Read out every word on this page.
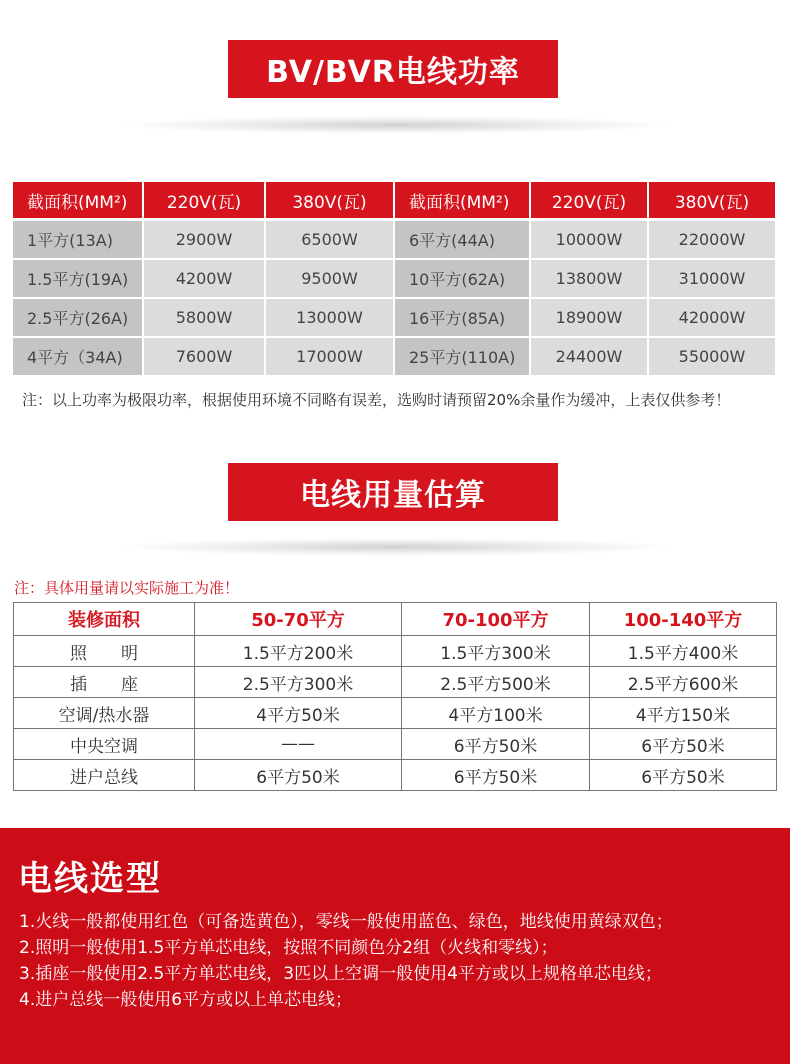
BV/BVR电线功率
截面积(MM²)	220V(瓦)	380V(瓦)	截面积(MM²)	220V(瓦)	380V(瓦)
1平方(13A)	2900W	6500W	6平方(44A)	10000W	22000W
1.5平方(19A)	4200W	9500W	10平方(62A)	13800W	31000W
2.5平方(26A)	5800W	13000W	16平方(85A)	18900W	42000W
4平方（34A)	7600W	17000W	25平方(110A)	24400W	55000W
注：以上功率为极限功率，根据使用环境不同略有误差，选购时请预留20%余量作为缓冲，上表仅供参考！
电线用量估算
注：具体用量请以实际施工为准！
装修面积	50-70平方	70-100平方	100-140平方
照　　明	1.5平方200米	1.5平方300米	1.5平方400米
插　　座	2.5平方300米	2.5平方500米	2.5平方600米
空调/热水器	4平方50米	4平方100米	4平方150米
中央空调	——	6平方50米	6平方50米
进户总线	6平方50米	6平方50米	6平方50米
电线选型
1.火线一般都使用红色（可备选黄色），零线一般使用蓝色、绿色，地线使用黄绿双色；
2.照明一般使用1.5平方单芯电线，按照不同颜色分2组（火线和零线）；
3.插座一般使用2.5平方单芯电线，3匹以上空调一般使用4平方或以上规格单芯电线；
4.进户总线一般使用6平方或以上单芯电线；
